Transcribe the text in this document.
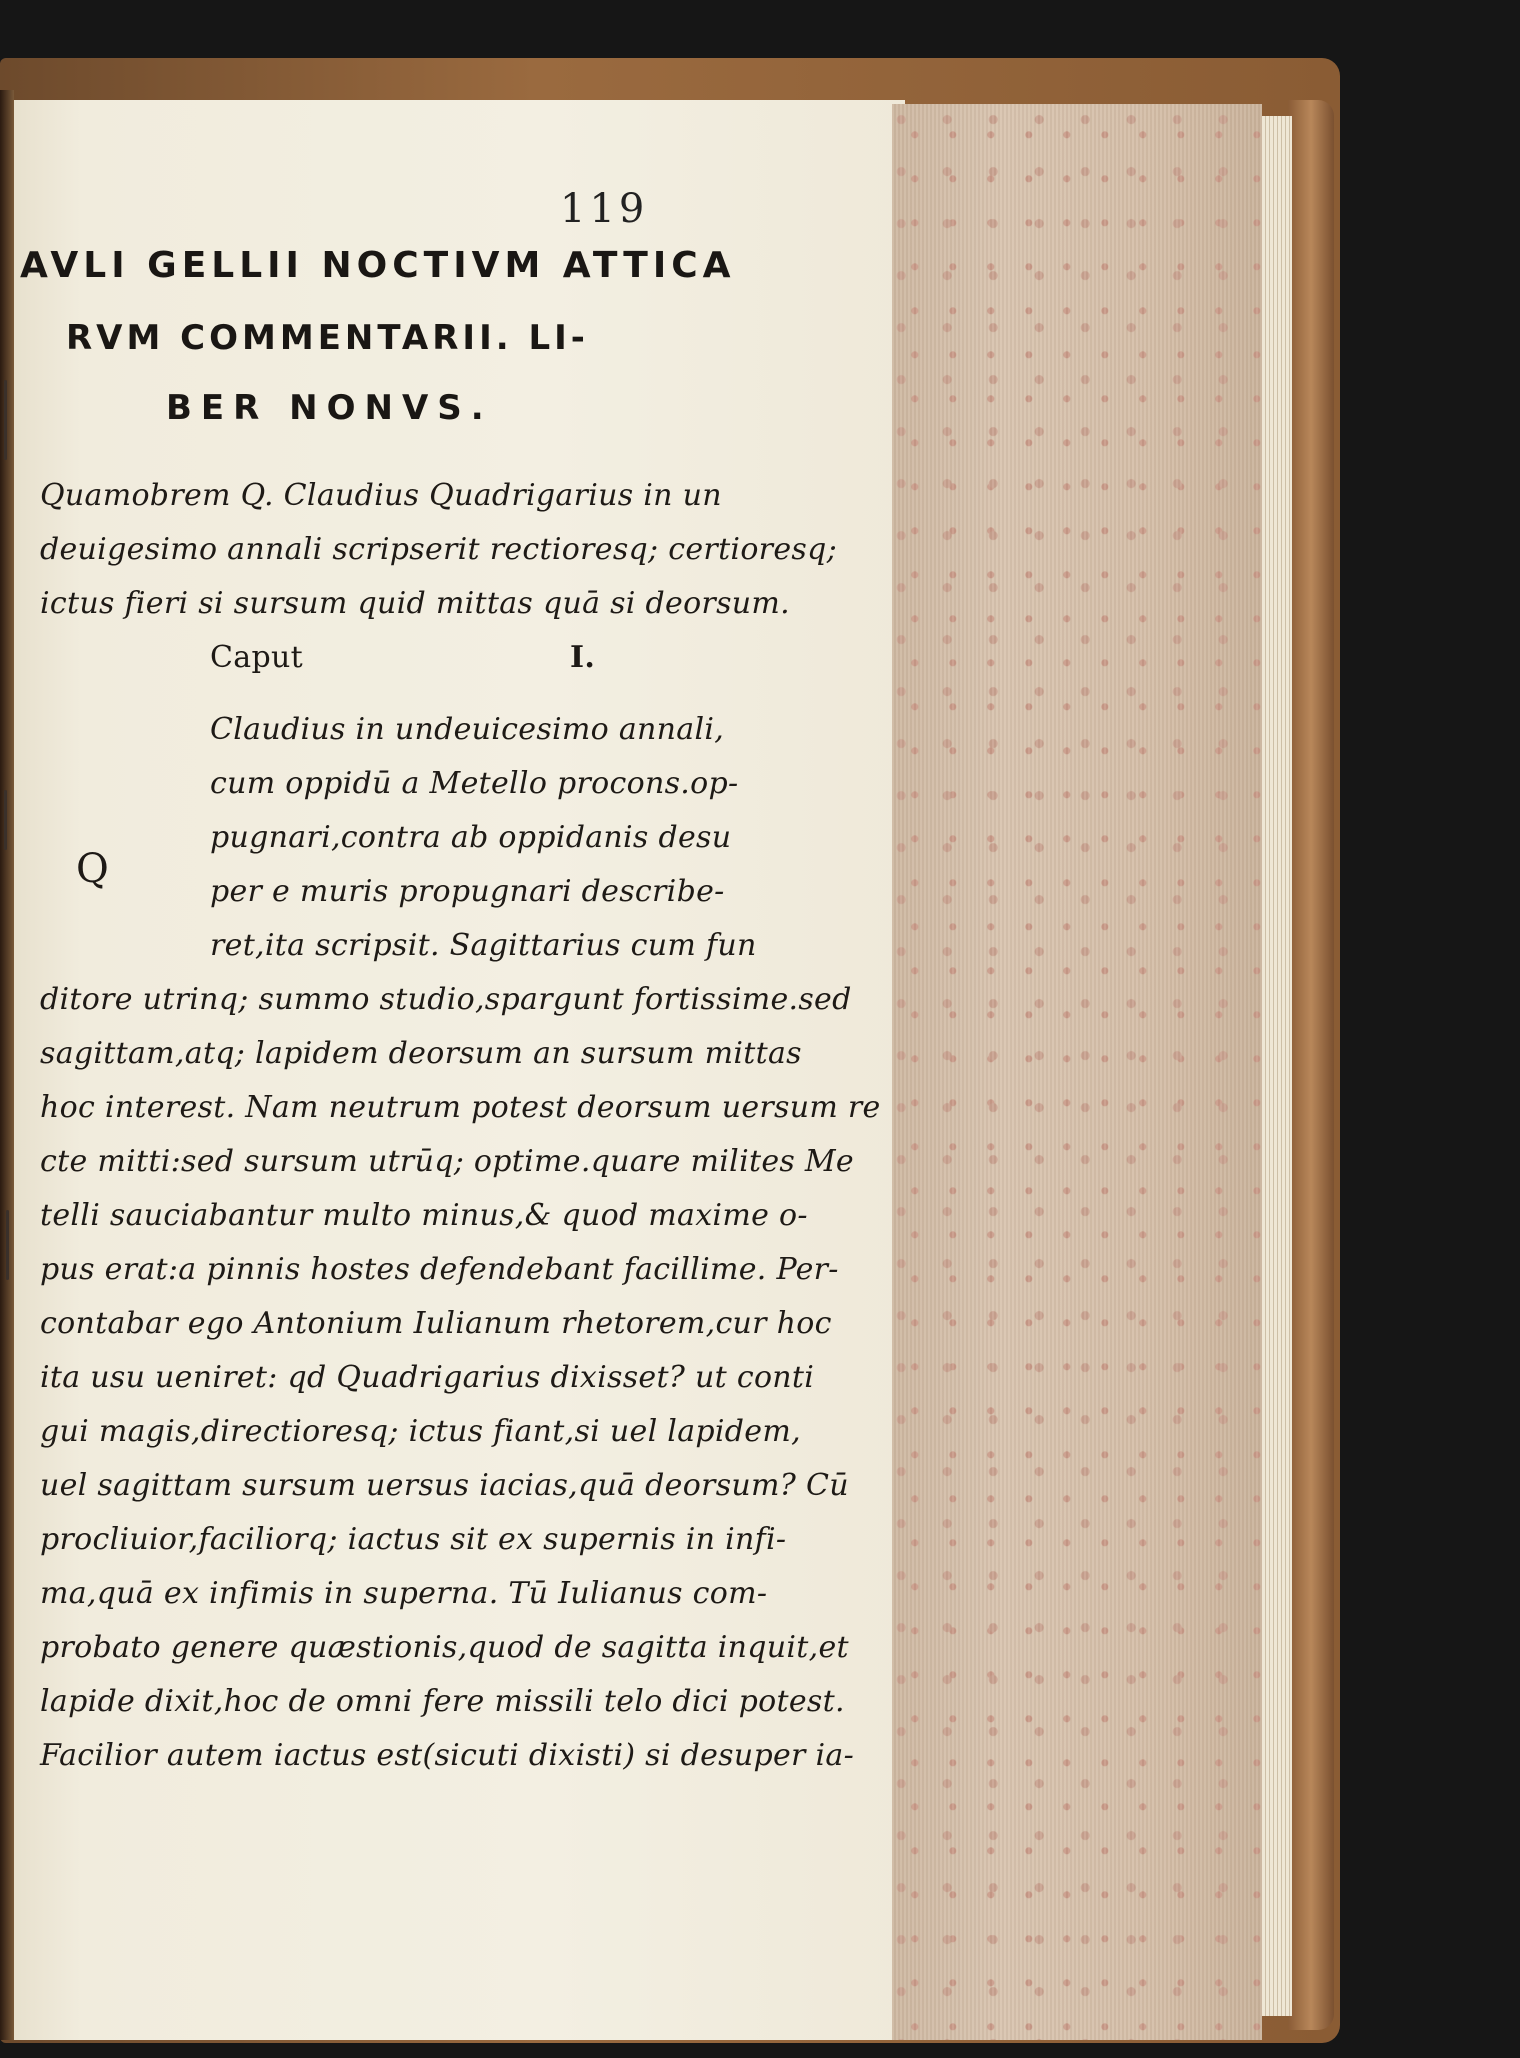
119
AVLI GELLII NOCTIVM ATTICA
RVM COMMENTARII. LI-
BER NONVS.
Quamobrem Q. Claudius Quadrigarius in un
deuigesimo annali scripserit rectioresq; certioresq;
ictus fieri si sursum quid mittas quā si deorsum.
Caput	I.
Q
Claudius in undeuicesimo annali,
cum oppidū a Metello procons.op-
pugnari,contra ab oppidanis desu
per e muris propugnari describe-
ret,ita scripsit. Sagittarius cum fun
ditore utrinq; summo studio,spargunt fortissime.sed
sagittam,atq; lapidem deorsum an sursum mittas
hoc interest. Nam neutrum potest deorsum uersum re
cte mitti:sed sursum utrūq; optime.quare milites Me
telli sauciabantur multo minus,& quod maxime o-
pus erat:a pinnis hostes defendebant facillime. Per-
contabar ego Antonium Iulianum rhetorem,cur hoc
ita usu ueniret: qd Quadrigarius dixisset? ut conti
gui magis,directioresq; ictus fiant,si uel lapidem,
uel sagittam sursum uersus iacias,quā deorsum? Cū
procliuior,faciliorq; iactus sit ex supernis in infi-
ma,quā ex infimis in superna. Tū Iulianus com-
probato genere quæstionis,quod de sagitta inquit,et
lapide dixit,hoc de omni fere missili telo dici potest.
Facilior autem iactus est(sicuti dixisti) si desuper ia-
